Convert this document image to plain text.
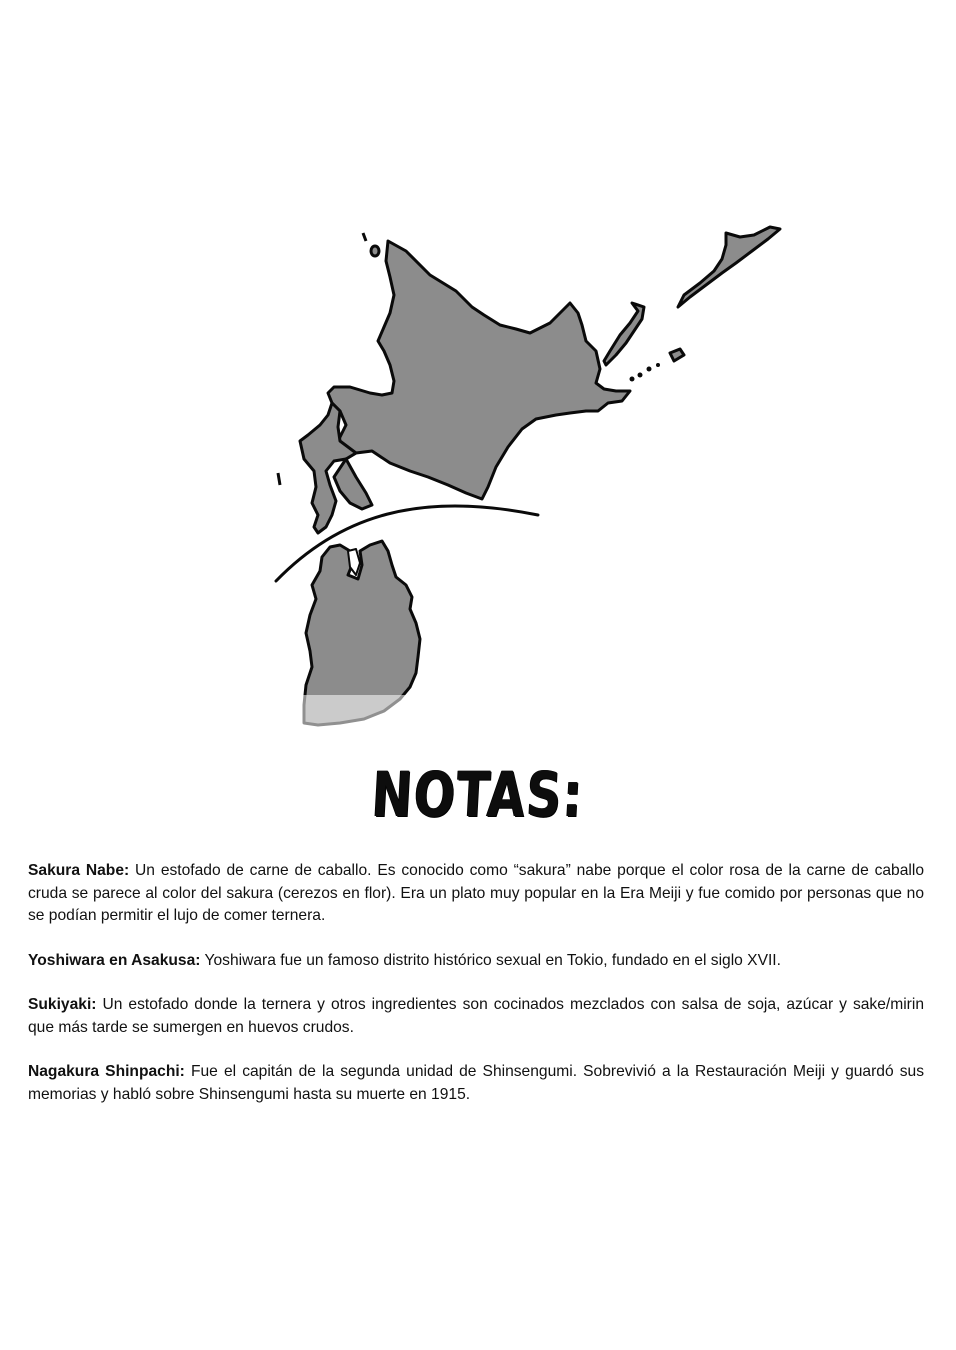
NOTAS:

Sakura Nabe: Un estofado de carne de caballo. Es conocido como “sakura” nabe porque el color rosa de la carne de caballo cruda se parece al color del sakura (cerezos en flor). Era un plato muy popular en la Era Meiji y fue comido por personas que no se podían permitir el lujo de comer ternera.

Yoshiwara en Asakusa: Yoshiwara fue un famoso distrito histórico sexual en Tokio, fundado en el siglo XVII.

Sukiyaki: Un estofado donde la ternera y otros ingredientes son cocinados mezclados con salsa de soja, azúcar y sake/mirin que más tarde se sumergen en huevos crudos.

Nagakura Shinpachi: Fue el capitán de la segunda unidad de Shinsengumi. Sobrevivió a la Restauración Meiji y guardó sus memorias y habló sobre Shinsengumi hasta su muerte en 1915.
